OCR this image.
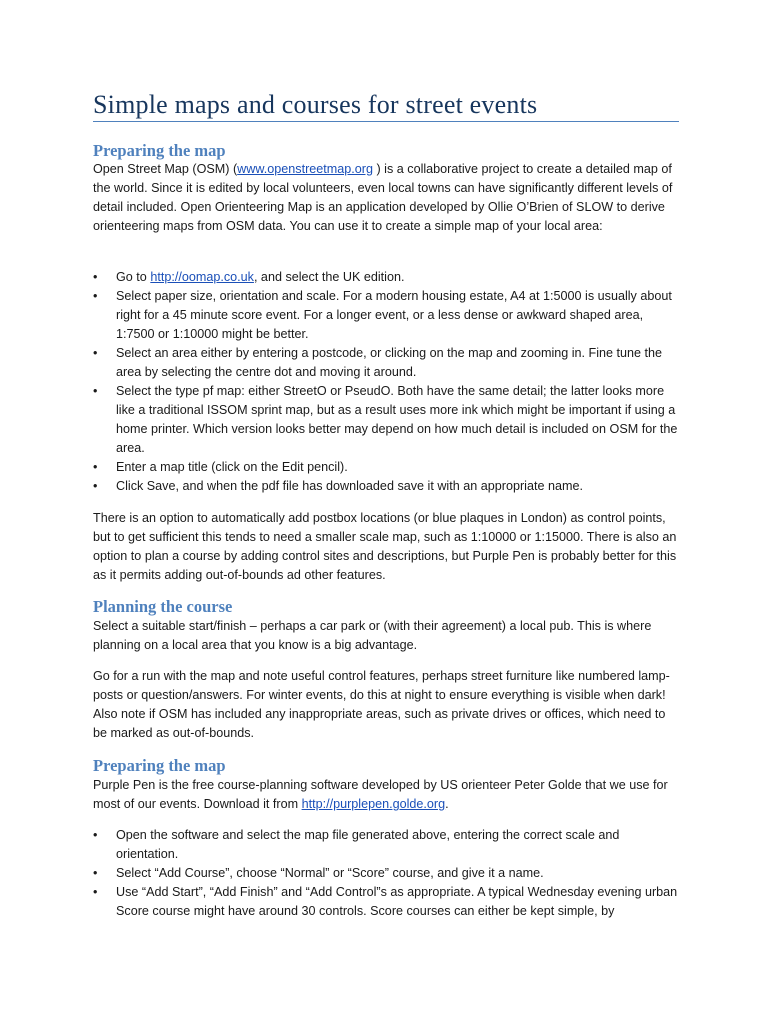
Simple maps and courses for street events
Preparing the map

Open Street Map (OSM) (www.openstreetmap.org ) is a collaborative project to create a detailed map of the world. Since it is edited by local volunteers, even local towns can have significantly different levels of detail included. Open Orienteering Map is an application developed by Ollie O’Brien of SLOW to derive orienteering maps from OSM data. You can use it to create a simple map of your local area:

• Go to http://oomap.co.uk, and select the UK edition.
• Select paper size, orientation and scale. For a modern housing estate, A4 at 1:5000 is usually about right for a 45 minute score event. For a longer event, or a less dense or awkward shaped area, 1:7500 or 1:10000 might be better.
• Select an area either by entering a postcode, or clicking on the map and zooming in. Fine tune the area by selecting the centre dot and moving it around.
• Select the type pf map: either StreetO or PseudO. Both have the same detail; the latter looks more like a traditional ISSOM sprint map, but as a result uses more ink which might be important if using a home printer. Which version looks better may depend on how much detail is included on OSM for the area.
• Enter a map title (click on the Edit pencil).
• Click Save, and when the pdf file has downloaded save it with an appropriate name.

There is an option to automatically add postbox locations (or blue plaques in London) as control points, but to get sufficient this tends to need a smaller scale map, such as 1:10000 or 1:15000. There is also an option to plan a course by adding control sites and descriptions, but Purple Pen is probably better for this as it permits adding out-of-bounds ad other features.

Planning the course

Select a suitable start/finish – perhaps a car park or (with their agreement) a local pub. This is where planning on a local area that you know is a big advantage.

Go for a run with the map and note useful control features, perhaps street furniture like numbered lamp-posts or question/answers. For winter events, do this at night to ensure everything is visible when dark! Also note if OSM has included any inappropriate areas, such as private drives or offices, which need to be marked as out-of-bounds.

Preparing the map

Purple Pen is the free course-planning software developed by US orienteer Peter Golde that we use for most of our events. Download it from http://purplepen.golde.org.

• Open the software and select the map file generated above, entering the correct scale and orientation.
• Select “Add Course”, choose “Normal” or “Score” course, and give it a name.
• Use “Add Start”, “Add Finish” and “Add Control”s as appropriate. A typical Wednesday evening urban Score course might have around 30 controls. Score courses can either be kept simple, by
